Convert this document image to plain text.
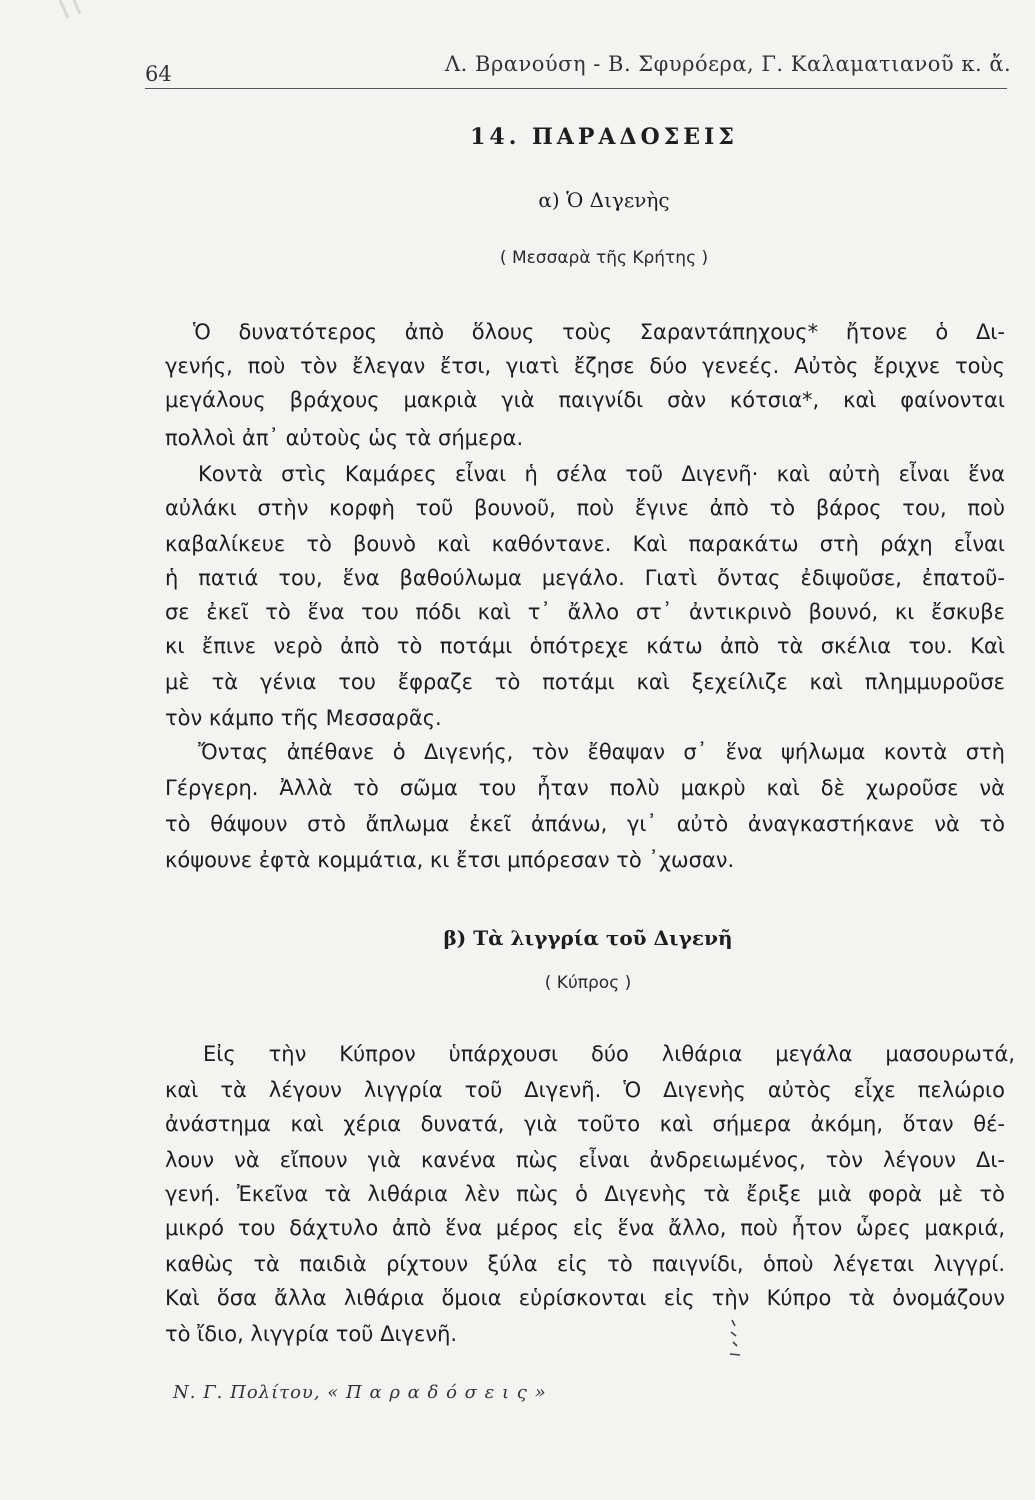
64	Λ. Βρανούση - Β. Σφυρόερα, Γ. Καλαματιανοῦ κ. ἄ.
14. ΠΑΡΑΔΟΣΕΙΣ
α) Ὁ Διγενὴς
( Μεσσαρὰ τῆς Κρήτης )
Ὁ δυνατότερος ἀπὸ ὅλους τοὺς Σαραντάπηχους* ἤτονε ὁ Δι-
γενής, ποὺ τὸν ἔλεγαν ἔτσι, γιατὶ ἔζησε δύο γενεές. Αὐτὸς ἔριχνε τοὺς
μεγάλους βράχους μακριὰ γιὰ παιγνίδι σὰν κότσια*, καὶ φαίνονται
πολλοὶ ἀπ᾿ αὐτοὺς ὡς τὰ σήμερα.
Κοντὰ στὶς Καμάρες εἶναι ἡ σέλα τοῦ Διγενῆ· καὶ αὐτὴ εἶναι ἕνα
αὐλάκι στὴν κορφὴ τοῦ βουνοῦ, ποὺ ἔγινε ἀπὸ τὸ βάρος του, ποὺ
καβαλίκευε τὸ βουνὸ καὶ καθόντανε. Καὶ παρακάτω στὴ ράχη εἶναι
ἡ πατιά του, ἕνα βαθούλωμα μεγάλο. Γιατὶ ὄντας ἐδιψοῦσε, ἐπατοῦ-
σε ἐκεῖ τὸ ἕνα του πόδι καὶ τ᾿ ἄλλο στ᾿ ἀντικρινὸ βουνό, κι ἔσκυβε
κι ἔπινε νερὸ ἀπὸ τὸ ποτάμι ὁπότρεχε κάτω ἀπὸ τὰ σκέλια του. Καὶ
μὲ τὰ γένια του ἔφραζε τὸ ποτάμι καὶ ξεχείλιζε καὶ πλημμυροῦσε
τὸν κάμπο τῆς Μεσσαρᾶς.
Ὄντας ἀπέθανε ὁ Διγενής, τὸν ἔθαψαν σ᾿ ἕνα ψήλωμα κοντὰ στὴ
Γέργερη. Ἀλλὰ τὸ σῶμα του ἦταν πολὺ μακρὺ καὶ δὲ χωροῦσε νὰ
τὸ θάψουν στὸ ἄπλωμα ἐκεῖ ἀπάνω, γι᾿ αὐτὸ ἀναγκαστήκανε νὰ τὸ
κόψουνε ἐφτὰ κομμάτια, κι ἔτσι μπόρεσαν τὸ ᾿χωσαν.
β) Τὰ λιγγρία τοῦ Διγενῆ
( Κύπρος )
Εἰς τὴν Κύπρον ὑπάρχουσι δύο λιθάρια μεγάλα μασουρωτά,
καὶ τὰ λέγουν λιγγρία τοῦ Διγενῆ. Ὁ Διγενὴς αὐτὸς εἶχε πελώριο
ἀνάστημα καὶ χέρια δυνατά, γιὰ τοῦτο καὶ σήμερα ἀκόμη, ὅταν θέ-
λουν νὰ εἴπουν γιὰ κανένα πὼς εἶναι ἀνδρειωμένος, τὸν λέγουν Δι-
γενή. Ἐκεῖνα τὰ λιθάρια λὲν πὼς ὁ Διγενὴς τὰ ἔριξε μιὰ φορὰ μὲ τὸ
μικρό του δάχτυλο ἀπὸ ἕνα μέρος εἰς ἕνα ἄλλο, ποὺ ἦτον ὧρες μακριά,
καθὼς τὰ παιδιὰ ρίχτουν ξύλα εἰς τὸ παιγνίδι, ὁποὺ λέγεται λιγγρί.
Καὶ ὅσα ἄλλα λιθάρια ὅμοια εὑρίσκονται εἰς τὴν Κύπρο τὰ ὀνομάζουν
τὸ ἴδιο, λιγγρία τοῦ Διγενῆ.
Ν. Γ. Πολίτου, « Π α ρ α δ ό σ ε ι ς »
